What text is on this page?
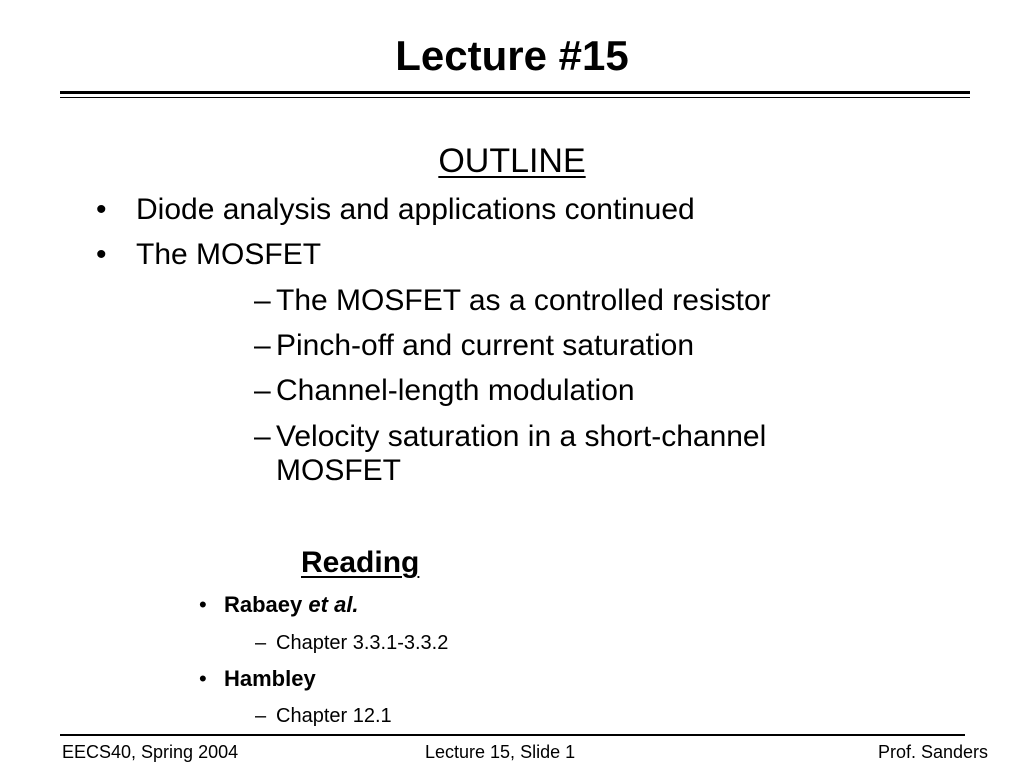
Lecture #15
OUTLINE
• Diode analysis and applications continued
• The MOSFET
– The MOSFET as a controlled resistor
– Pinch-off and current saturation
– Channel-length modulation
– Velocity saturation in a short-channel MOSFET
Reading
• Rabaey et al.
– Chapter 3.3.1-3.3.2
• Hambley
– Chapter 12.1
EECS40, Spring 2004	Lecture 15, Slide 1	Prof. Sanders
